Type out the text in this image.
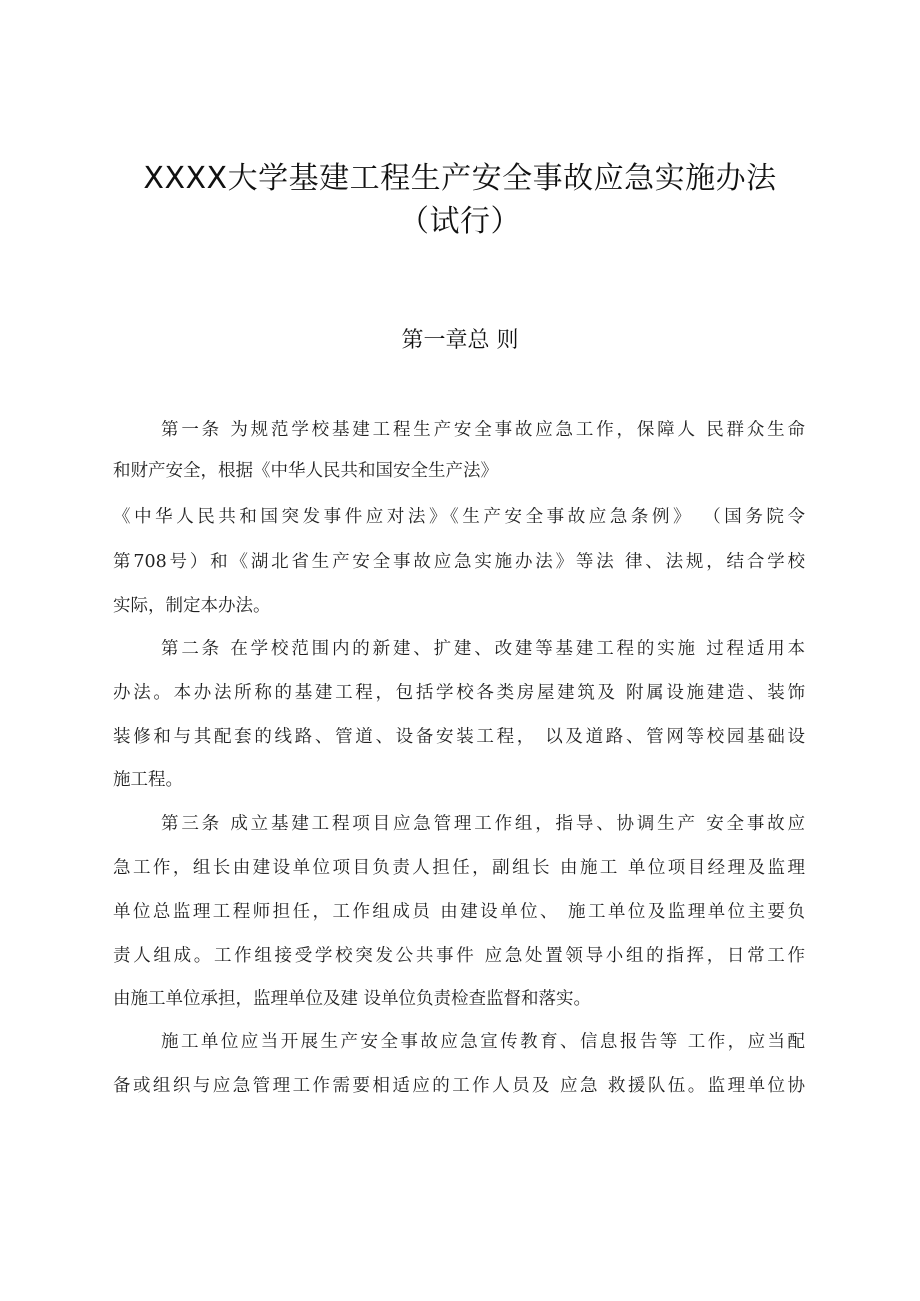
XXXX大学基建工程生产安全事故应急实施办法
（试行）
第一章总 则
第一条 为规范学校基建工程生产安全事故应急工作，保障人 民群众生命
和财产安全，根据《中华人民共和国安全生产法》
《中华人民共和国突发事件应对法》《生产安全事故应急条例》 （国务院令
第708号）和《湖北省生产安全事故应急实施办法》等法 律、法规，结合学校
实际，制定本办法。
第二条 在学校范围内的新建、扩建、改建等基建工程的实施 过程适用本
办法。本办法所称的基建工程，包括学校各类房屋建筑及 附属设施建造、装饰
装修和与其配套的线路、管道、设备安装工程， 以及道路、管网等校园基础设
施工程。
第三条 成立基建工程项目应急管理工作组，指导、协调生产 安全事故应
急工作，组长由建设单位项目负责人担任，副组长 由施工 单位项目经理及监理
单位总监理工程师担任，工作组成员 由建设单位、 施工单位及监理单位主要负
责人组成。工作组接受学校突发公共事件 应急处置领导小组的指挥，日常工作
由施工单位承担，监理单位及建 设单位负责检查监督和落实。
施工单位应当开展生产安全事故应急宣传教育、信息报告等 工作，应当配
备或组织与应急管理工作需要相适应的工作人员及 应急 救援队伍。监理单位协
